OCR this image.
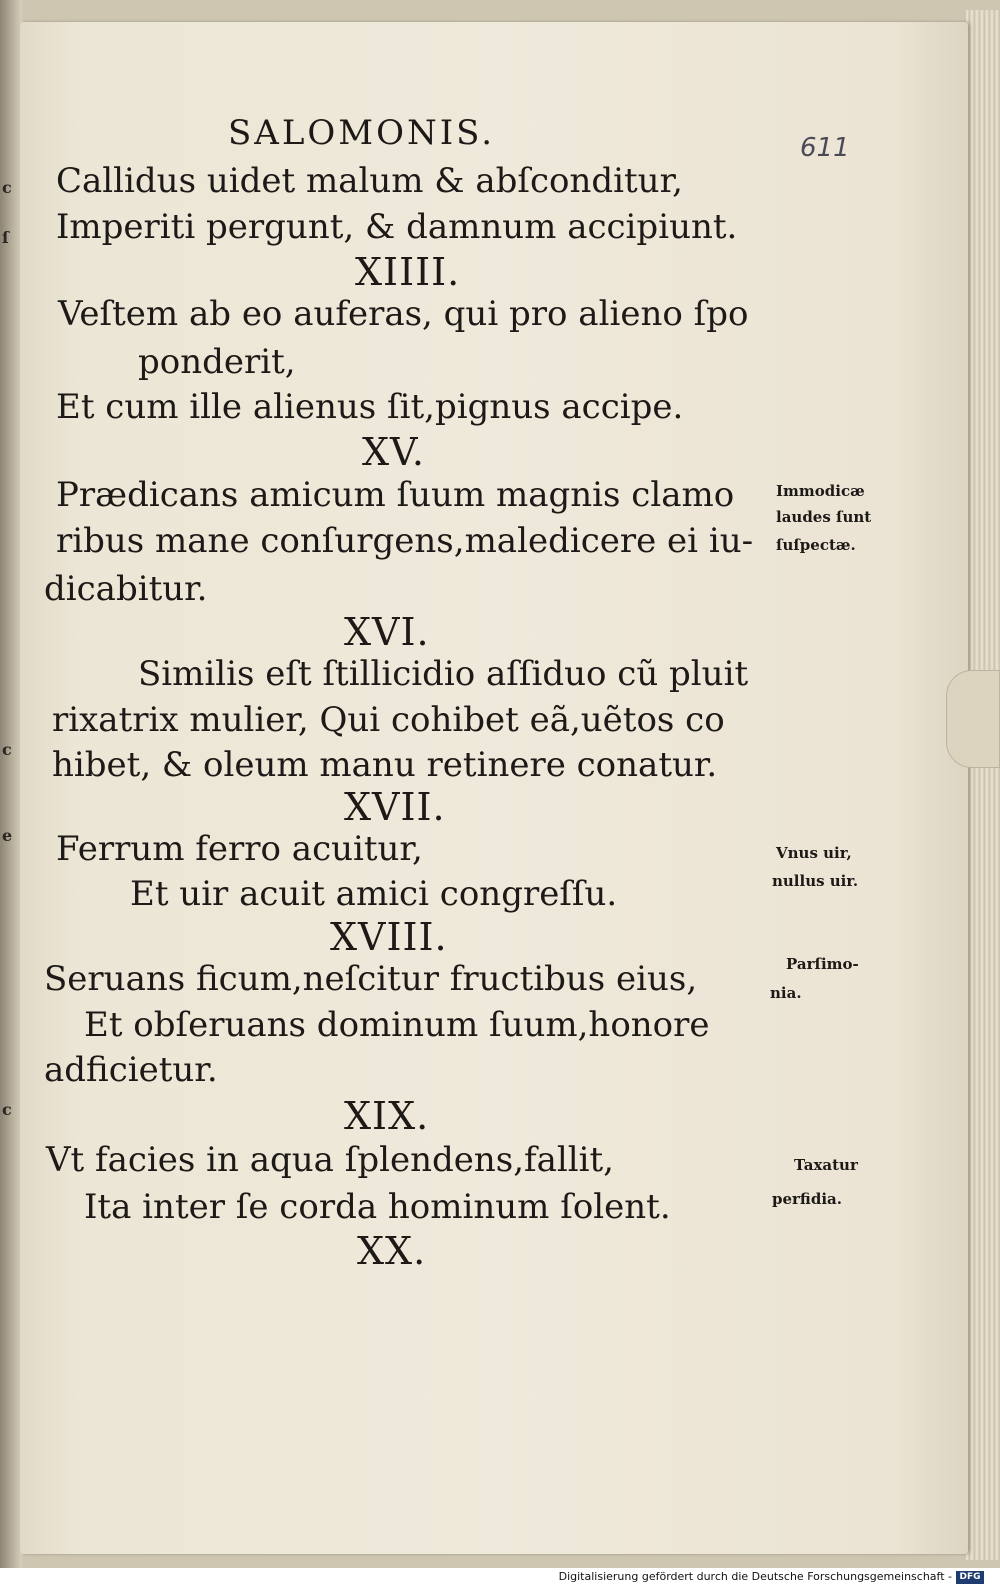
c
ſ
c
e
c
SALOMONIS.	611
Callidus uidet malum & abſconditur,
Imperiti pergunt, & damnum accipiunt.
XIIII.
Veſtem ab eo auferas, qui pro alieno ſpo
ponderit,
Et cum ille alienus ſit,pignus accipe.
XV.
Prædicans amicum ſuum magnis clamo
ribus mane conſurgens,maledicere ei iu-
dicabitur.
XVI.
Similis eſt ſtillicidio aſſiduo cũ pluit
rixatrix mulier, Qui cohibet eã,uẽtos co
hibet, & oleum manu retinere conatur.
XVII.
Ferrum ferro acuitur,
Et uir acuit amici congreſſu.
XVIII.
Seruans ficum,neſcitur fructibus eius,
Et obſeruans dominum ſuum,honore
adficietur.
XIX.
Vt facies in aqua ſplendens,fallit,
Ita inter ſe corda hominum ſolent.
XX.
Immodicæ
laudes ſunt
ſuſpectæ.
Vnus uir,
nullus uir.
Parſimo-
nia.
Taxatur
perfidia.
Digitalisierung gefördert durch die Deutsche Forschungsgemeinschaft - DFG
